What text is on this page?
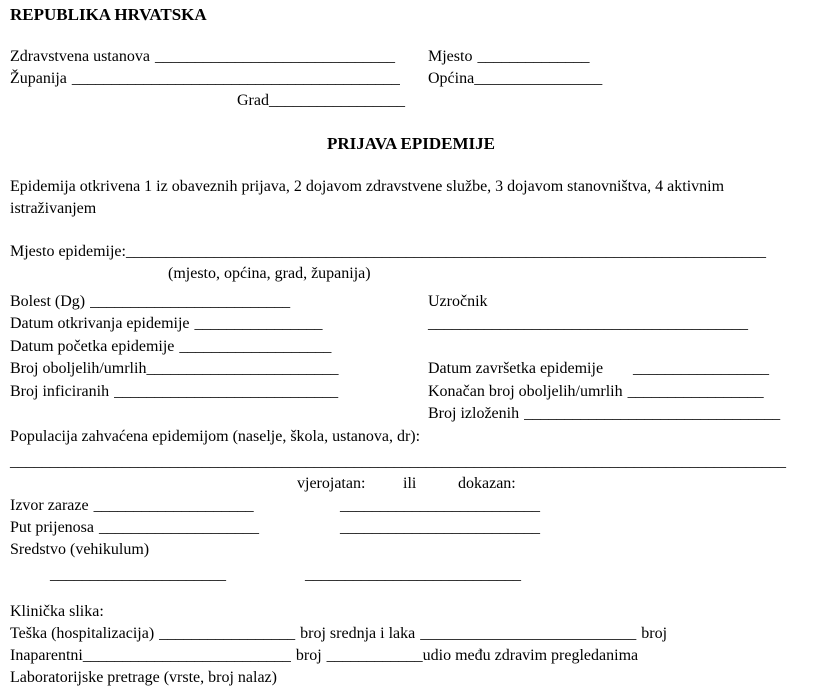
REPUBLIKA HRVATSKA
Zdravstvena ustanova ______________________________ Mjesto ______________
Županija _________________________________________ Općina________________
Grad_________________
PRIJAVA EPIDEMIJE
Epidemija otkrivena 1 iz obaveznih prijava, 2 dojavom zdravstvene službe, 3 dojavom stanovništva, 4 aktivnim istraživanjem
Mjesto epidemije:________________________________________________________________________________
(mjesto, općina, grad, županija)
Bolest (Dg) _________________________	Uzročnik
Datum otkrivanja epidemije ________________	________________________________________
Datum početka epidemije ___________________
Broj oboljelih/umrlih________________________	Datum završetka epidemije _________________
Broj inficiranih ____________________________	Konačan broj oboljelih/umrlih _________________
Broj izloženih ________________________________
Populacija zahvaćena epidemijom (naselje, škola, ustanova, dr):
_________________________________________________________________________________________________
vjerojatan: ili	dokazan:
Izvor zaraze ____________________	_________________________
Put prijenosa ____________________	_________________________
Sredstvo (vehikulum)
______________________	___________________________
Klinička slika:
Teška (hospitalizacija) _________________ broj srednja i laka ___________________________ broj
Inaparentni__________________________ broj ____________udio među zdravim pregledanima
Laboratorijske pretrage (vrste, broj nalaz)
